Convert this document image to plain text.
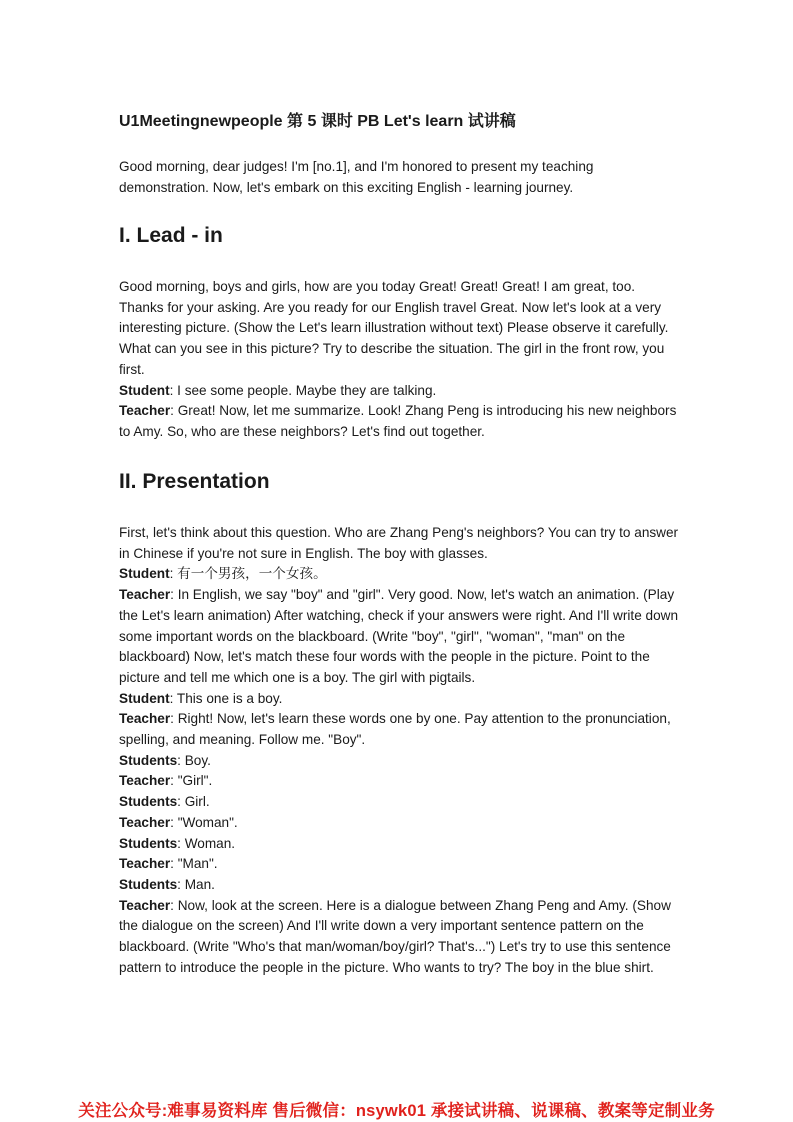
U1Meetingnewpeople 第 5 课时 PB Let's learn 试讲稿

Good morning, dear judges! I'm [no.1], and I'm honored to present my teaching demonstration. Now, let's embark on this exciting English - learning journey.

I. Lead - in

Good morning, boys and girls, how are you today Great! Great! Great! I am great, too. Thanks for your asking. Are you ready for our English travel Great. Now let's look at a very interesting picture. (Show the Let's learn illustration without text) Please observe it carefully. What can you see in this picture? Try to describe the situation. The girl in the front row, you first.

Student: I see some people. Maybe they are talking.

Teacher: Great! Now, let me summarize. Look! Zhang Peng is introducing his new neighbors to Amy. So, who are these neighbors? Let's find out together.

II. Presentation

First, let's think about this question. Who are Zhang Peng's neighbors? You can try to answer in Chinese if you're not sure in English. The boy with glasses.

Student: 有一个男孩，一个女孩。

Teacher: In English, we say "boy" and "girl". Very good. Now, let's watch an animation. (Play the Let's learn animation) After watching, check if your answers were right. And I'll write down some important words on the blackboard. (Write "boy", "girl", "woman", "man" on the blackboard) Now, let's match these four words with the people in the picture. Point to the picture and tell me which one is a boy. The girl with pigtails.

Student: This one is a boy.

Teacher: Right! Now, let's learn these words one by one. Pay attention to the pronunciation, spelling, and meaning. Follow me. "Boy".

Students: Boy.

Teacher: "Girl".

Students: Girl.

Teacher: "Woman".

Students: Woman.

Teacher: "Man".

Students: Man.

Teacher: Now, look at the screen. Here is a dialogue between Zhang Peng and Amy. (Show the dialogue on the screen) And I'll write down a very important sentence pattern on the blackboard. (Write "Who's that man/woman/boy/girl? That's...") Let's try to use this sentence pattern to introduce the people in the picture. Who wants to try? The boy in the blue shirt.

关注公众号:难事易资料库 售后微信：nsywk01 承接试讲稿、说课稿、教案等定制业务
